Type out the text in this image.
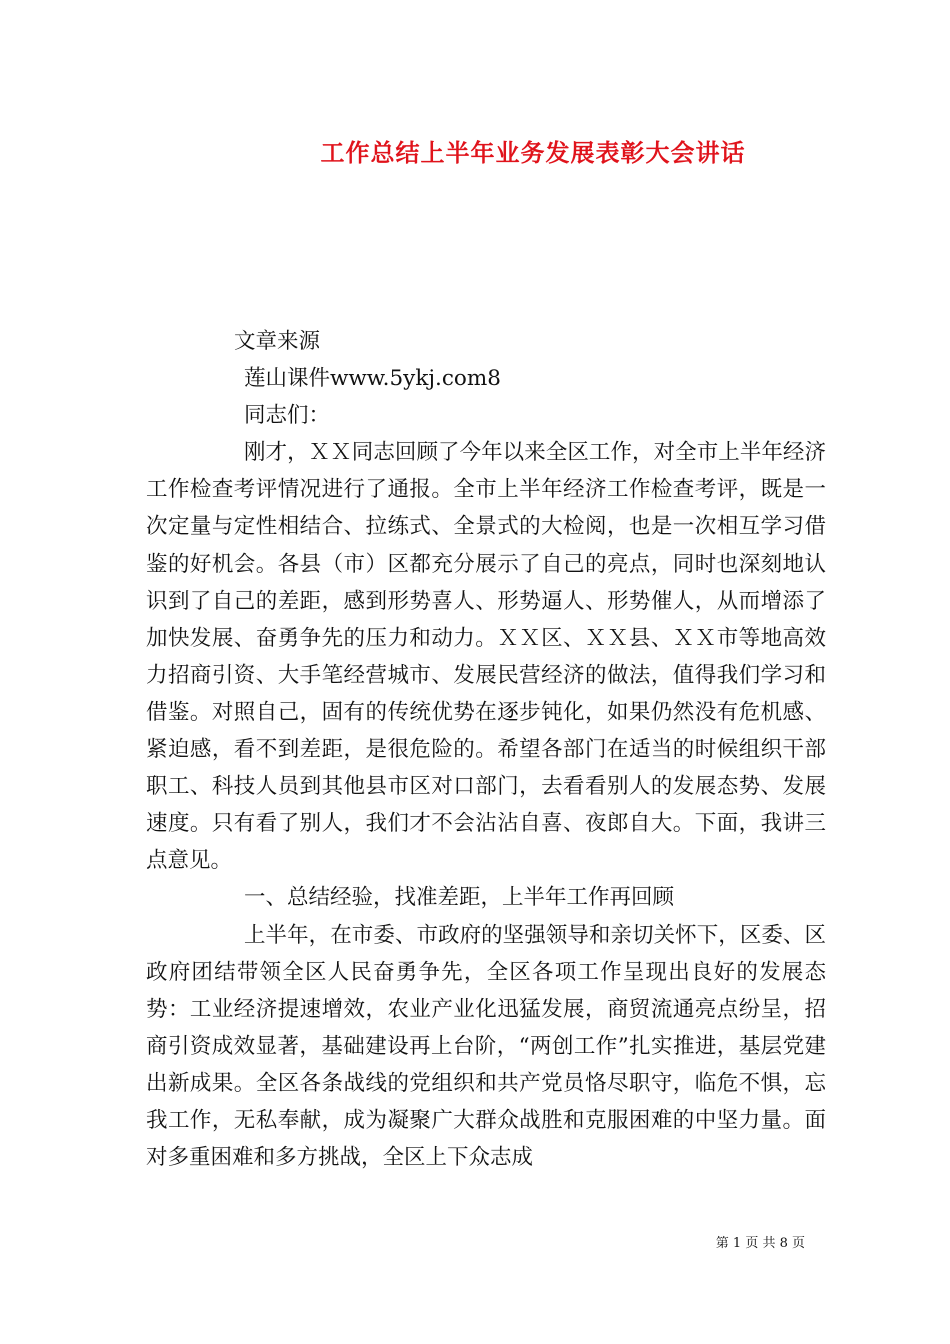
工作总结上半年业务发展表彰大会讲话

文章来源

莲山课件www.5ykj.com8

同志们：

刚才，ＸＸ同志回顾了今年以来全区工作，对全市上半年经济工作检查考评情况进行了通报。全市上半年经济工作检查考评，既是一次定量与定性相结合、拉练式、全景式的大检阅，也是一次相互学习借鉴的好机会。各县（市）区都充分展示了自己的亮点，同时也深刻地认识到了自己的差距，感到形势喜人、形势逼人、形势催人，从而增添了加快发展、奋勇争先的压力和动力。ＸＸ区、ＸＸ县、ＸＸ市等地高效力招商引资、大手笔经营城市、发展民营经济的做法，值得我们学习和借鉴。对照自己，固有的传统优势在逐步钝化，如果仍然没有危机感、紧迫感，看不到差距，是很危险的。希望各部门在适当的时候组织干部职工、科技人员到其他县市区对口部门，去看看别人的发展态势、发展速度。只有看了别人，我们才不会沾沾自喜、夜郎自大。下面，我讲三点意见。

一、总结经验，找准差距，上半年工作再回顾

上半年，在市委、市政府的坚强领导和亲切关怀下，区委、区政府团结带领全区人民奋勇争先，全区各项工作呈现出良好的发展态势：工业经济提速增效，农业产业化迅猛发展，商贸流通亮点纷呈，招商引资成效显著，基础建设再上台阶，“两创工作”扎实推进，基层党建出新成果。全区各条战线的党组织和共产党员恪尽职守，临危不惧，忘我工作，无私奉献，成为凝聚广大群众战胜和克服困难的中坚力量。面对多重困难和多方挑战，全区上下众志成

第 1 页 共 8 页
